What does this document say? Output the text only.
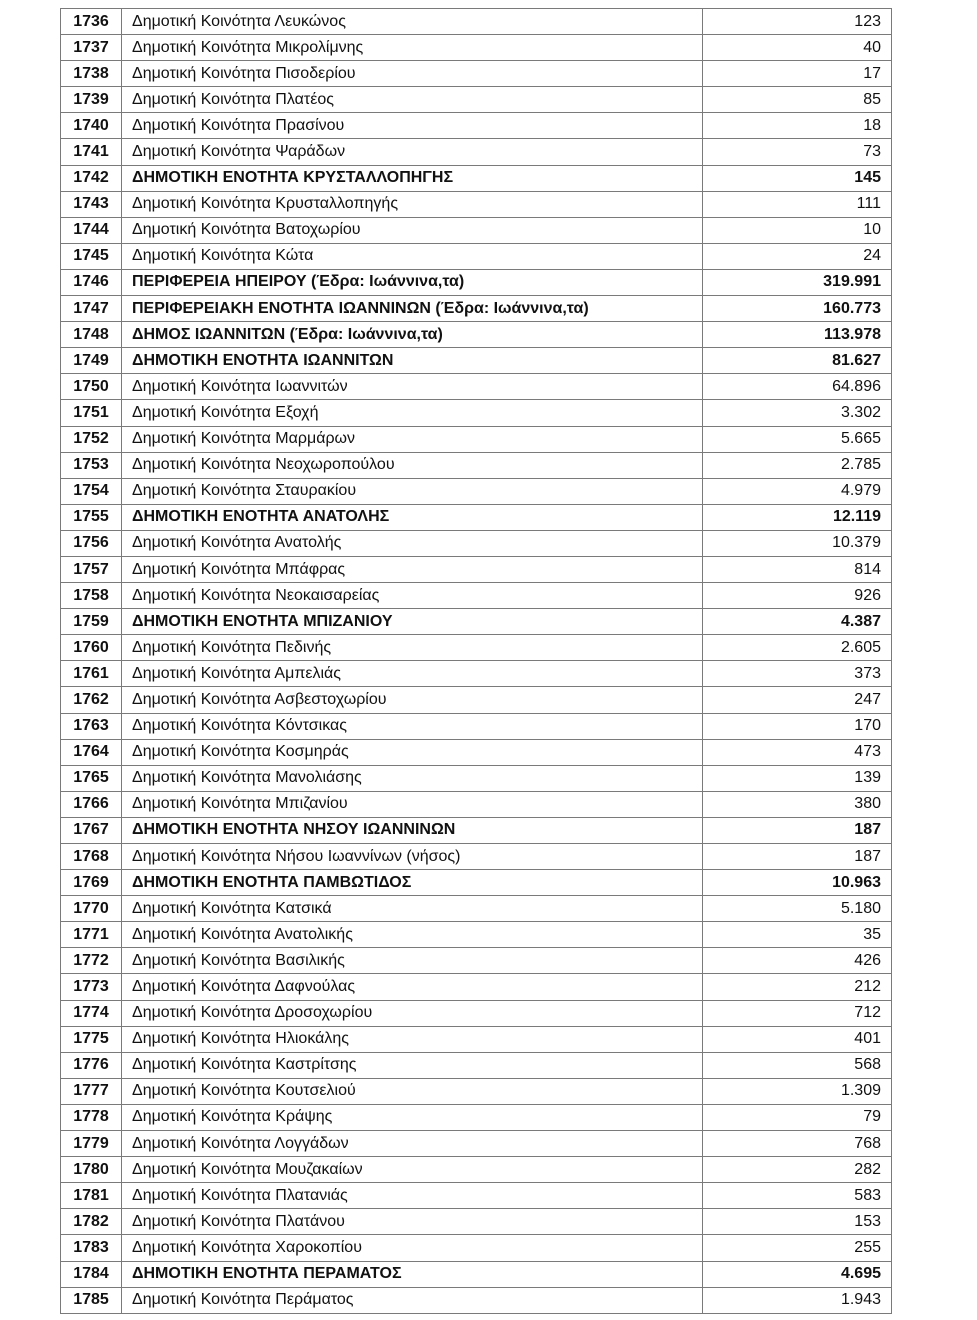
1736	Δημοτική Κοινότητα Λευκώνος	123
1737	Δημοτική Κοινότητα Μικρολίμνης	40
1738	Δημοτική Κοινότητα Πισοδερίου	17
1739	Δημοτική Κοινότητα Πλατέος	85
1740	Δημοτική Κοινότητα Πρασίνου	18
1741	Δημοτική Κοινότητα Ψαράδων	73
1742	ΔΗΜΟΤΙΚΗ ΕΝΟΤΗΤΑ ΚΡΥΣΤΑΛΛΟΠΗΓΗΣ	145
1743	Δημοτική Κοινότητα Κρυσταλλοπηγής	111
1744	Δημοτική Κοινότητα Βατοχωρίου	10
1745	Δημοτική Κοινότητα Κώτα	24
1746	ΠΕΡΙΦΕΡΕΙΑ ΗΠΕΙΡΟΥ (Έδρα: Ιωάννινα,τα)	319.991
1747	ΠΕΡΙΦΕΡΕΙΑΚΗ ΕΝΟΤΗΤΑ ΙΩΑΝΝΙΝΩΝ (Έδρα: Ιωάννινα,τα)	160.773
1748	ΔΗΜΟΣ ΙΩΑΝΝΙΤΩΝ (Έδρα: Ιωάννινα,τα)	113.978
1749	ΔΗΜΟΤΙΚΗ ΕΝΟΤΗΤΑ ΙΩΑΝΝΙΤΩΝ	81.627
1750	Δημοτική Κοινότητα Ιωαννιτών	64.896
1751	Δημοτική Κοινότητα Εξοχή	3.302
1752	Δημοτική Κοινότητα Μαρμάρων	5.665
1753	Δημοτική Κοινότητα Νεοχωροπούλου	2.785
1754	Δημοτική Κοινότητα Σταυρακίου	4.979
1755	ΔΗΜΟΤΙΚΗ ΕΝΟΤΗΤΑ ΑΝΑΤΟΛΗΣ	12.119
1756	Δημοτική Κοινότητα Ανατολής	10.379
1757	Δημοτική Κοινότητα Μπάφρας	814
1758	Δημοτική Κοινότητα Νεοκαισαρείας	926
1759	ΔΗΜΟΤΙΚΗ ΕΝΟΤΗΤΑ ΜΠΙΖΑΝΙΟΥ	4.387
1760	Δημοτική Κοινότητα Πεδινής	2.605
1761	Δημοτική Κοινότητα Αμπελιάς	373
1762	Δημοτική Κοινότητα Ασβεστοχωρίου	247
1763	Δημοτική Κοινότητα Κόντσικας	170
1764	Δημοτική Κοινότητα Κοσμηράς	473
1765	Δημοτική Κοινότητα Μανολιάσης	139
1766	Δημοτική Κοινότητα Μπιζανίου	380
1767	ΔΗΜΟΤΙΚΗ ΕΝΟΤΗΤΑ ΝΗΣΟΥ ΙΩΑΝΝΙΝΩΝ	187
1768	Δημοτική Κοινότητα Νήσου Ιωαννίνων (νήσος)	187
1769	ΔΗΜΟΤΙΚΗ ΕΝΟΤΗΤΑ ΠΑΜΒΩΤΙΔΟΣ	10.963
1770	Δημοτική Κοινότητα Κατσικά	5.180
1771	Δημοτική Κοινότητα Ανατολικής	35
1772	Δημοτική Κοινότητα Βασιλικής	426
1773	Δημοτική Κοινότητα Δαφνούλας	212
1774	Δημοτική Κοινότητα Δροσοχωρίου	712
1775	Δημοτική Κοινότητα Ηλιοκάλης	401
1776	Δημοτική Κοινότητα Καστρίτσης	568
1777	Δημοτική Κοινότητα Κουτσελιού	1.309
1778	Δημοτική Κοινότητα Κράψης	79
1779	Δημοτική Κοινότητα Λογγάδων	768
1780	Δημοτική Κοινότητα Μουζακαίων	282
1781	Δημοτική Κοινότητα Πλατανιάς	583
1782	Δημοτική Κοινότητα Πλατάνου	153
1783	Δημοτική Κοινότητα Χαροκοπίου	255
1784	ΔΗΜΟΤΙΚΗ ΕΝΟΤΗΤΑ ΠΕΡΑΜΑΤΟΣ	4.695
1785	Δημοτική Κοινότητα Περάματος	1.943
